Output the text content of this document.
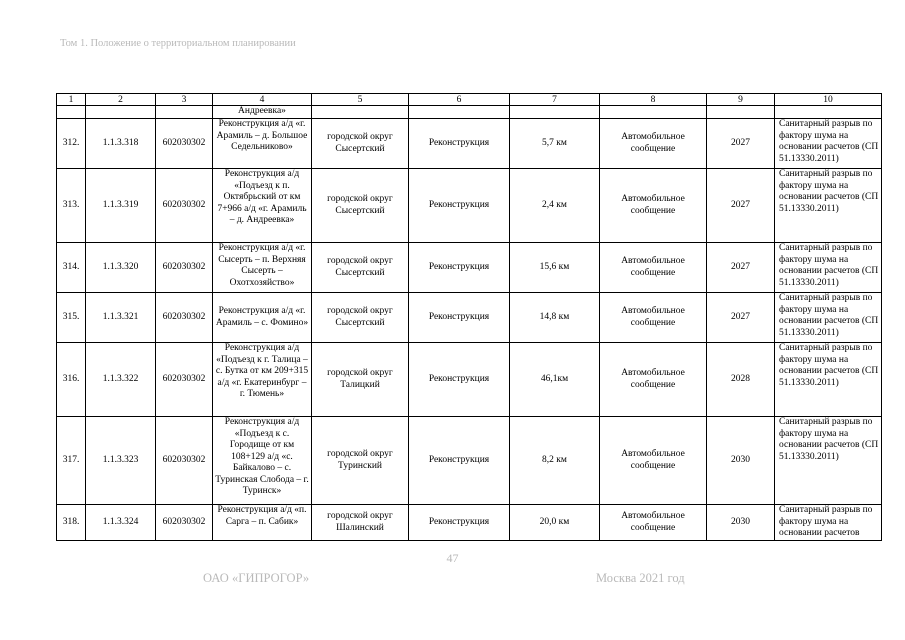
Том 1. Положение о территориальном планировании
1	2	3	4	5	6	7	8	9	10
			Андреевка»						
312.	1.1.3.318	602030302	Реконструкция а/д «г. Арамиль – д. Большое Седельниково»	городской округ Сысертский	Реконструкция	5,7 км	Автомобильное сообщение	2027	Санитарный разрыв по фактору шума на основании расчетов (СП 51.13330.2011)
313.	1.1.3.319	602030302	Реконструкция а/д «Подъезд к п. Октябрьский от км 7+966 а/д «г. Арамиль – д. Андреевка»	городской округ Сысертский	Реконструкция	2,4 км	Автомобильное сообщение	2027	Санитарный разрыв по фактору шума на основании расчетов (СП 51.13330.2011)
314.	1.1.3.320	602030302	Реконструкция а/д «г. Сысерть – п. Верхняя Сысерть – Охотхозяйство»	городской округ Сысертский	Реконструкция	15,6 км	Автомобильное сообщение	2027	Санитарный разрыв по фактору шума на основании расчетов (СП 51.13330.2011)
315.	1.1.3.321	602030302	Реконструкция а/д «г. Арамиль – с. Фомино»	городской округ Сысертский	Реконструкция	14,8 км	Автомобильное сообщение	2027	Санитарный разрыв по фактору шума на основании расчетов (СП 51.13330.2011)
316.	1.1.3.322	602030302	Реконструкция а/д «Подъезд к г. Талица – с. Бутка от км 209+315 а/д «г. Екатеринбург – г. Тюмень»	городской округ Талицкий	Реконструкция	46,1км	Автомобильное сообщение	2028	Санитарный разрыв по фактору шума на основании расчетов (СП 51.13330.2011)
317.	1.1.3.323	602030302	Реконструкция а/д «Подъезд к с. Городище от км 108+129 а/д «с. Байкалово – с. Туринская Слобода – г. Туринск»	городской округ Туринский	Реконструкция	8,2 км	Автомобильное сообщение	2030	Санитарный разрыв по фактору шума на основании расчетов (СП 51.13330.2011)
318.	1.1.3.324	602030302	Реконструкция а/д «п. Сарга – п. Сабик»	городской округ Шалинский	Реконструкция	20,0 км	Автомобильное сообщение	2030	Санитарный разрыв по фактору шума на основании расчетов
47
ОАО «ГИПРОГОР»	Москва 2021 год
